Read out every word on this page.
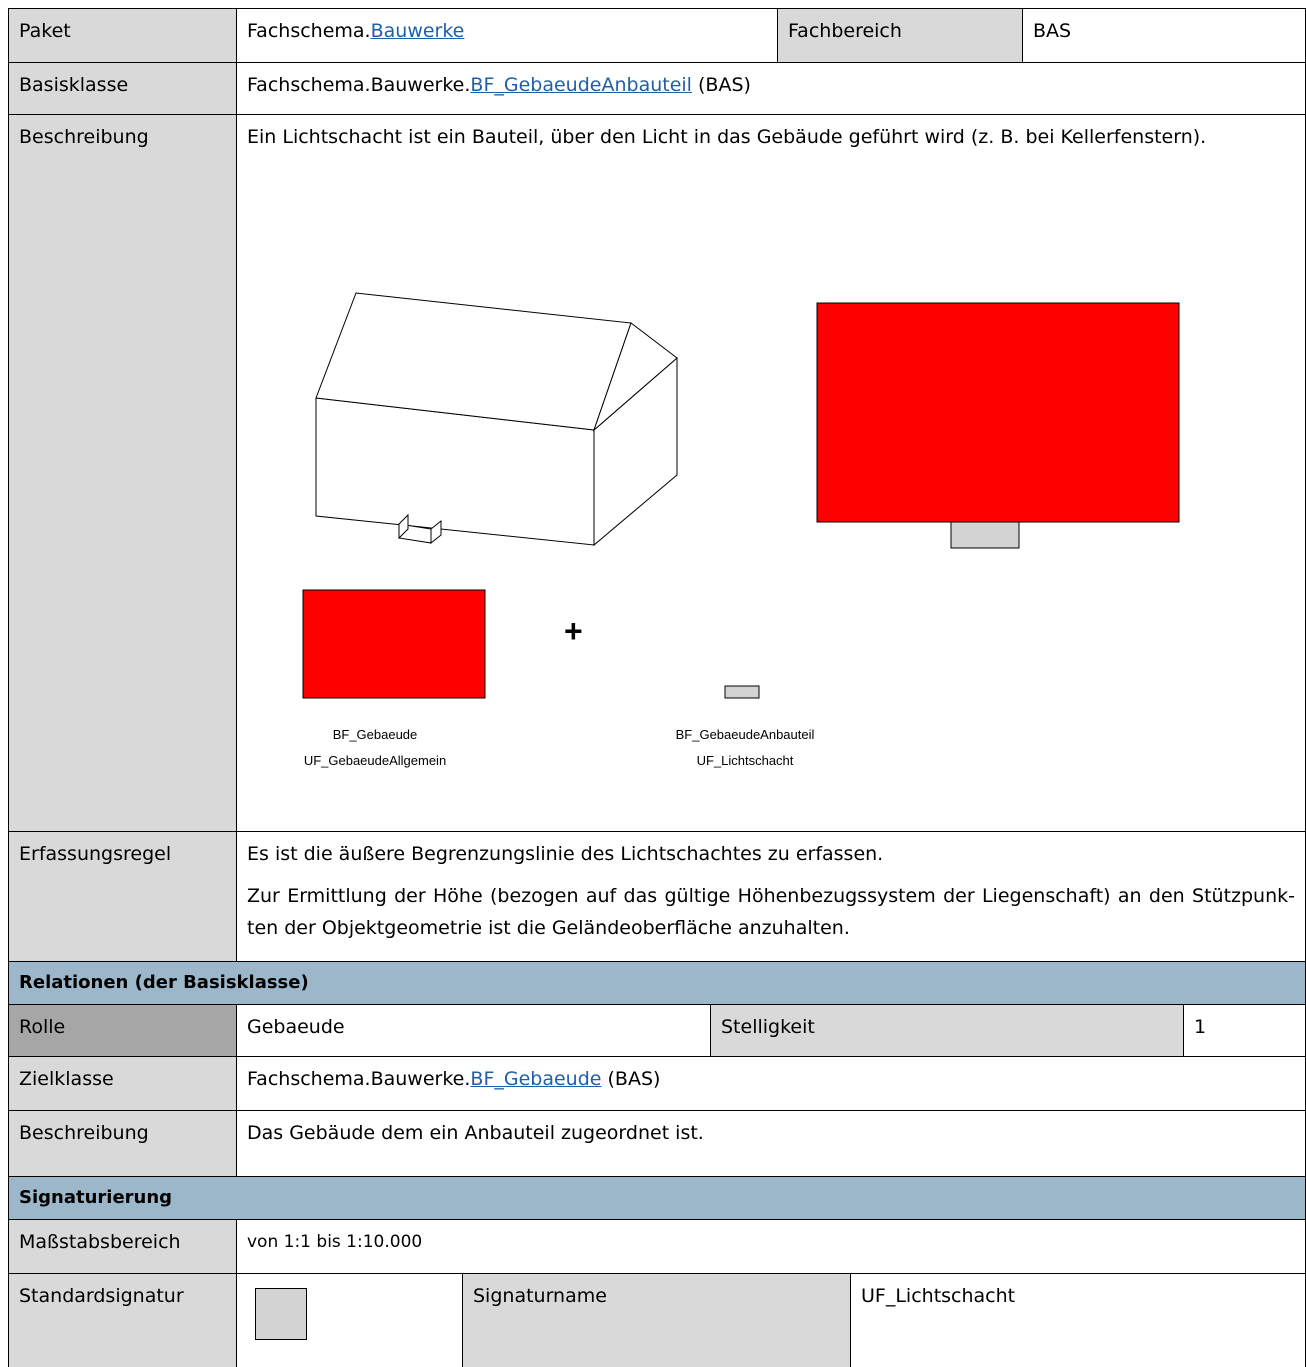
Paket	Fachschema.Bauwerke	Fachbereich	BAS
Basisklasse	Fachschema.Bauwerke.BF_GebaeudeAnbauteil (BAS)
Beschreibung	Ein Lichtschacht ist ein Bauteil, über den Licht in das Gebäude geführt wird (z. B. bei Kellerfenstern).
+
BF_Gebaeude
UF_GebaeudeAllgemein
BF_GebaeudeAnbauteil
UF_Lichtschacht
Erfassungsregel	Es ist die äußere Begrenzungslinie des Lichtschachtes zu erfassen.

Zur Ermittlung der Höhe (bezogen auf das gültige Höhenbezugssystem der Liegenschaft) an den Stützpunk-ten der Objektgeometrie ist die Geländeoberfläche anzuhalten.

Relationen (der Basisklasse)
Rolle	Gebaeude	Stelligkeit	1
Zielklasse	Fachschema.Bauwerke.BF_Gebaeude (BAS)
Beschreibung	Das Gebäude dem ein Anbauteil zugeordnet ist.
Signaturierung
Maßstabsbereich	von 1:1 bis 1:10.000
Standardsignatur	Signaturname	UF_Lichtschacht
